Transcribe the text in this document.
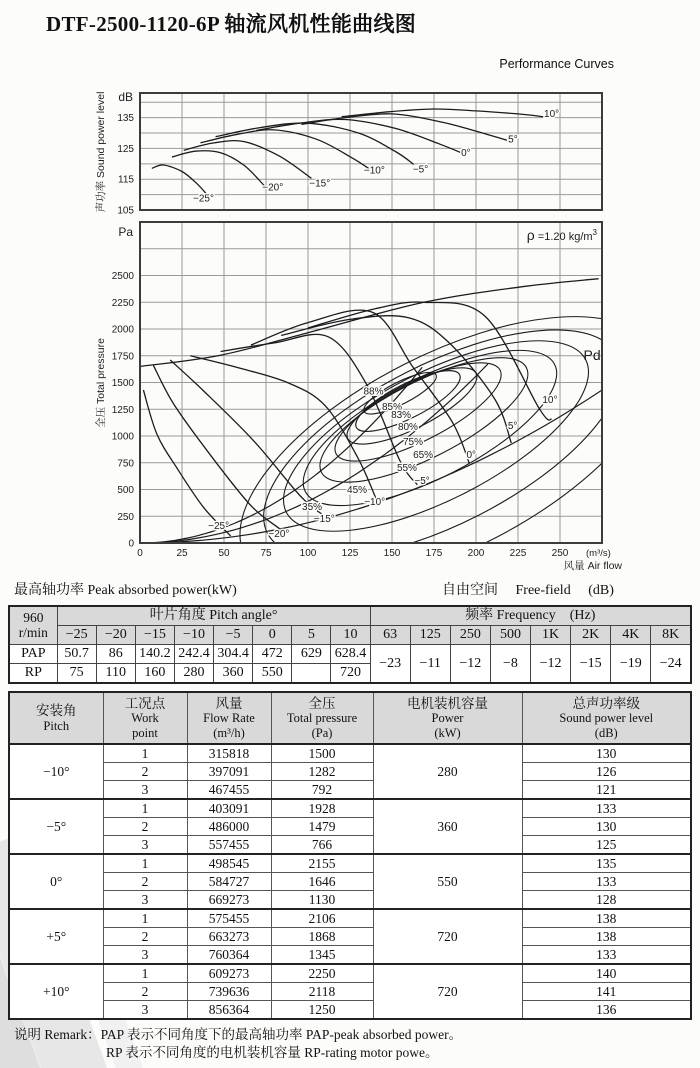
DTF-2500-1120-6P 轴流风机性能曲线图
Performance Curves
105
115
125
135
0
250
500
750
1000
1250
1500
1750
2000
2250
2500
0	25	50	75	100	125	150	175	200	225	250
dB
Pa
(m³/s)
风量 Air flow
声功率 Sound power level
全压 Total pressure
ρ =1.20 $kg/m^3$
Pd
−25°
−20°
−15°
−10°
−5°
0°
5°
10°
88%
85%
83%
80%
75%
65%
55%
45%
35%
−25°
−20°	−15°
−10°	−5°
0°
5°
10°
最高轴功率 Peak absorbed power(kW)	自由空间　 Free-field　 (dB)
960
r/min	叶片角度 Pitch angle°								频率 Frequency　(Hz)							
	−25	−20	−15	−10	−5	0	5	10	63	125	250	500	1K	2K	4K	8K
PAP	50.7	86	140.2	242.4	304.4	472	629	628.4	−23	−11	−12	−8	−12	−15	−19	−24
RP	75	110	160	280	360	550		720								
安装角
Pitch

工况点
Work
point

风量
Flow Rate
(m³/h)

全压
Total pressure
(Pa)

电机装机容量
Power
(kW)

总声功率级
Sound power level
(dB)

−10°	1	315818	1500	280	130
	2	397091	1282		126
	3	467455	792		121
−5°	1	403091	1928	360	133
	2	486000	1479		130
	3	557455	766		125
0°	1	498545	2155	550	135
	2	584727	1646		133
	3	669273	1130		128
+5°	1	575455	2106	720	138
	2	663273	1868		138
	3	760364	1345		133
+10°	1	609273	2250	720	140
	2	739636	2118		141
	3	856364	1250		136
说明 Remark：PAP 表示不同角度下的最高轴功率 PAP-peak absorbed power。
RP 表示不同角度的电机装机容量 RP-rating motor powe。
